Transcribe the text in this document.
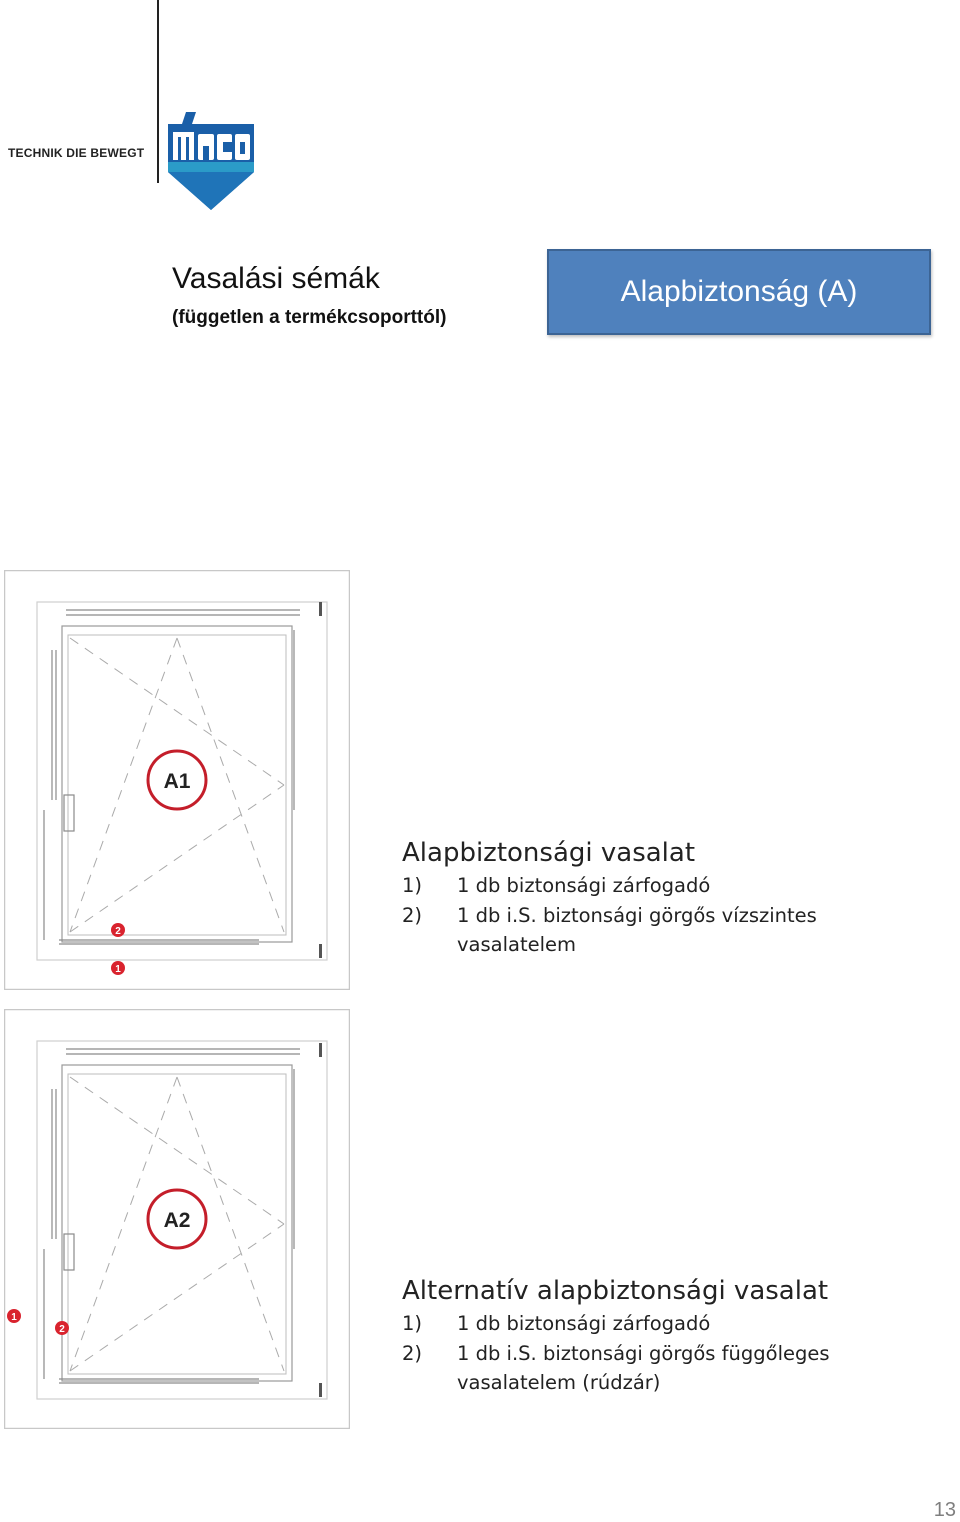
TECHNIK DIE BEWEGT
Vasalási sémák
(független a termékcsoporttól)
Alapbiztonság (A)
A1
2
1
Alapbiztonsági vasalat
1)	1 db biztonsági zárfogadó
2)	1 db i.S. biztonsági görgős vízszintes vasalatelem
A2
1
2
Alternatív alapbiztonsági vasalat
1)	1 db biztonsági zárfogadó
2)	1 db i.S. biztonsági görgős függőleges vasalatelem (rúdzár)
13
